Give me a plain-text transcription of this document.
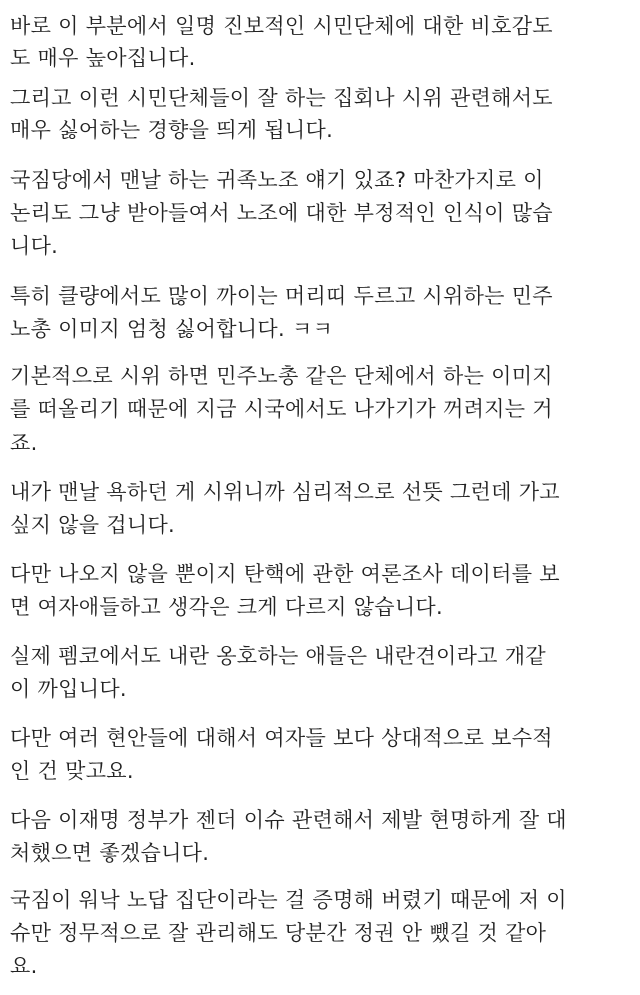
바로 이 부분에서 일명 진보적인 시민단체에 대한 비호감도
도 매우 높아집니다.
그리고 이런 시민단체들이 잘 하는 집회나 시위 관련해서도
매우 싫어하는 경향을 띄게 됩니다.
국짐당에서 맨날 하는 귀족노조 얘기 있죠? 마찬가지로 이
논리도 그냥 받아들여서 노조에 대한 부정적인 인식이 많습
니다.
특히 클량에서도 많이 까이는 머리띠 두르고 시위하는 민주
노총 이미지 엄청 싫어합니다. ㅋㅋ
기본적으로 시위 하면 민주노총 같은 단체에서 하는 이미지
를 떠올리기 때문에 지금 시국에서도 나가기가 꺼려지는 거
죠.
내가 맨날 욕하던 게 시위니까 심리적으로 선뜻 그런데 가고
싶지 않을 겁니다.
다만 나오지 않을 뿐이지 탄핵에 관한 여론조사 데이터를 보
면 여자애들하고 생각은 크게 다르지 않습니다.
실제 펨코에서도 내란 옹호하는 애들은 내란견이라고 개같
이 까입니다.
다만 여러 현안들에 대해서 여자들 보다 상대적으로 보수적
인 건 맞고요.
다음 이재명 정부가 젠더 이슈 관련해서 제발 현명하게 잘 대
처했으면 좋겠습니다.
국짐이 워낙 노답 집단이라는 걸 증명해 버렸기 때문에 저 이
슈만 정무적으로 잘 관리해도 당분간 정권 안 뺐길 것 같아
요.
